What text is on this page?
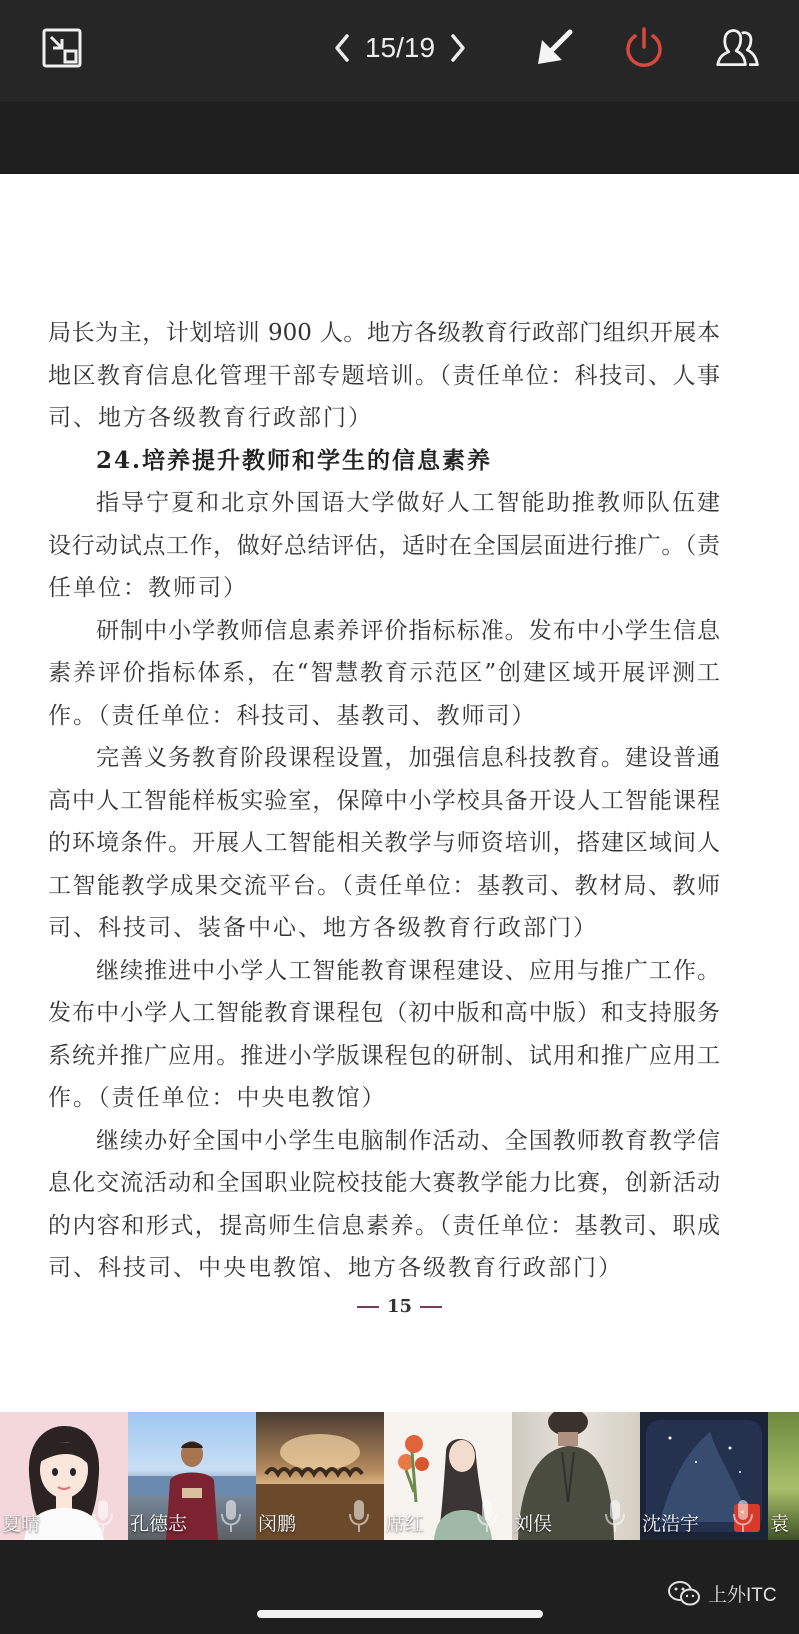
15/19
局长为主，计划培训 900 人。地方各级教育行政部门组织开展本
地区教育信息化管理干部专题培训。（责任单位：科技司、人事
司、地方各级教育行政部门）
24.培养提升教师和学生的信息素养
指导宁夏和北京外国语大学做好人工智能助推教师队伍建
设行动试点工作，做好总结评估，适时在全国层面进行推广。（责
任单位：教师司）
研制中小学教师信息素养评价指标标准。发布中小学生信息
素养评价指标体系，在“智慧教育示范区”创建区域开展评测工
作。（责任单位：科技司、基教司、教师司）
完善义务教育阶段课程设置，加强信息科技教育。建设普通
高中人工智能样板实验室，保障中小学校具备开设人工智能课程
的环境条件。开展人工智能相关教学与师资培训，搭建区域间人
工智能教学成果交流平台。（责任单位：基教司、教材局、教师
司、科技司、装备中心、地方各级教育行政部门）
继续推进中小学人工智能教育课程建设、应用与推广工作。
发布中小学人工智能教育课程包（初中版和高中版）和支持服务
系统并推广应用。推进小学版课程包的研制、试用和推广应用工
作。（责任单位：中央电教馆）
继续办好全国中小学生电脑制作活动、全国教师教育教学信
息化交流活动和全国职业院校技能大赛教学能力比赛，创新活动
的内容和形式，提高师生信息素养。（责任单位：基教司、职成
司、科技司、中央电教馆、地方各级教育行政部门）
15
夏晴	孔德志	闵鹏	席红	刘俣	沈浩宇	袁
上外ITC
